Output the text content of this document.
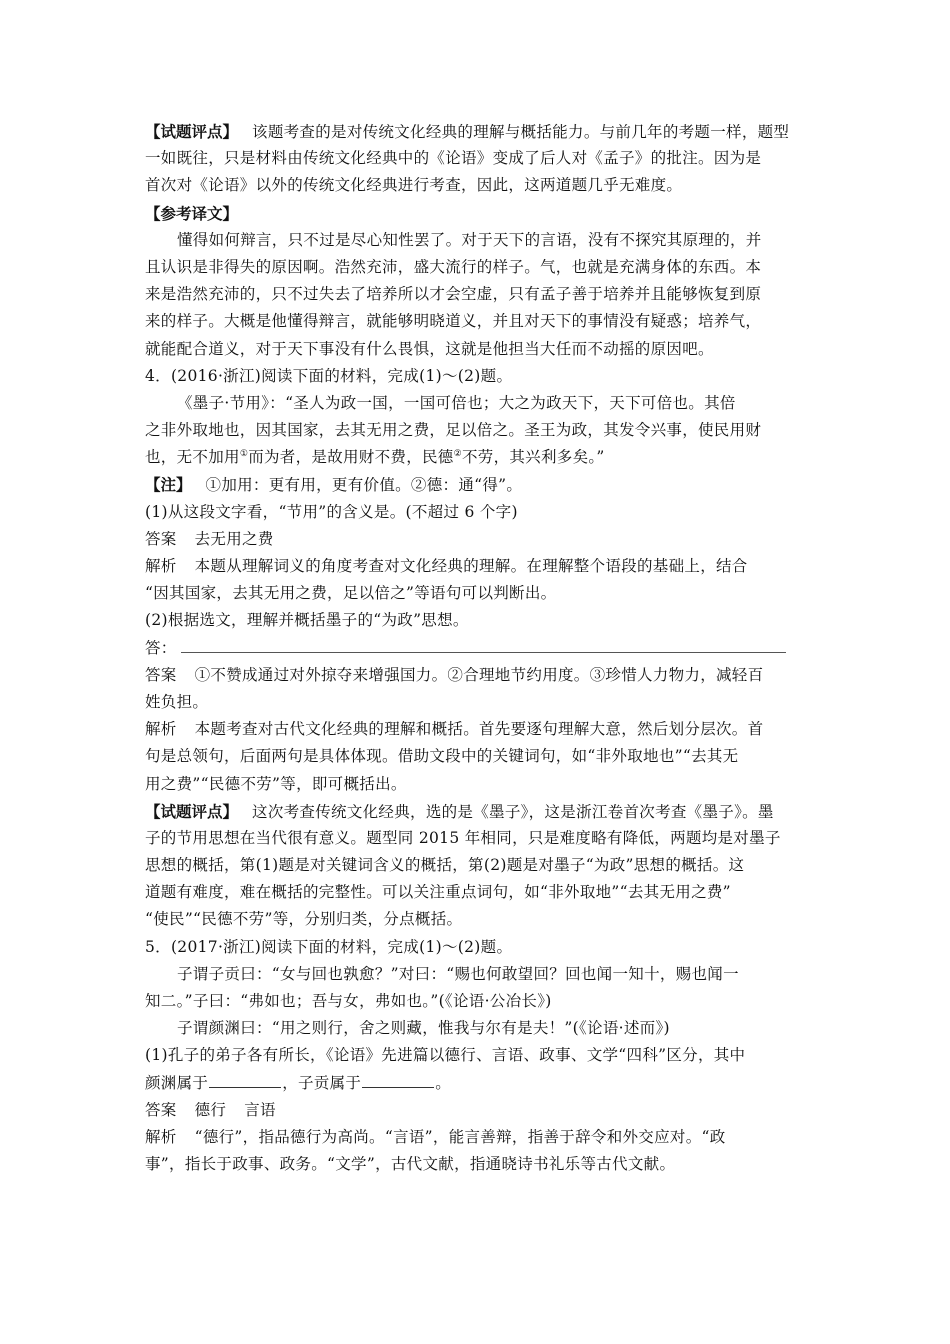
【试题评点】 该题考查的是对传统文化经典的理解与概括能力。与前几年的考题一样，题型
一如既往，只是材料由传统文化经典中的《论语》变成了后人对《孟子》的批注。因为是
首次对《论语》以外的传统文化经典进行考查，因此，这两道题几乎无难度。
【参考译文】
懂得如何辩言，只不过是尽心知性罢了。对于天下的言语，没有不探究其原理的，并
且认识是非得失的原因啊。浩然充沛，盛大流行的样子。气，也就是充满身体的东西。本
来是浩然充沛的，只不过失去了培养所以才会空虚，只有孟子善于培养并且能够恢复到原
来的样子。大概是他懂得辩言，就能够明晓道义，并且对天下的事情没有疑惑；培养气，
就能配合道义，对于天下事没有什么畏惧，这就是他担当大任而不动摇的原因吧。
4．(2016·浙江)阅读下面的材料，完成(1)～(2)题。
《墨子·节用》：“圣人为政一国，一国可倍也；大之为政天下，天下可倍也。其倍
之非外取地也，因其国家，去其无用之费，足以倍之。圣王为政，其发令兴事，使民用财
也，无不加用①而为者，是故用财不费，民德②不劳，其兴利多矣。”
【注】 ①加用：更有用，更有价值。②德：通“得”。
(1)从这段文字看，“节用”的含义是。(不超过 6 个字)
答案 去无用之费
解析 本题从理解词义的角度考查对文化经典的理解。在理解整个语段的基础上，结合
“因其国家，去其无用之费，足以倍之”等语句可以判断出。
(2)根据选文，理解并概括墨子的“为政”思想。
答：
答案 ①不赞成通过对外掠夺来增强国力。②合理地节约用度。③珍惜人力物力，减轻百
姓负担。
解析 本题考查对古代文化经典的理解和概括。首先要逐句理解大意，然后划分层次。首
句是总领句，后面两句是具体体现。借助文段中的关键词句，如“非外取地也”“去其无
用之费”“民德不劳”等，即可概括出。
【试题评点】 这次考查传统文化经典，选的是《墨子》，这是浙江卷首次考查《墨子》。墨
子的节用思想在当代很有意义。题型同 2015 年相同，只是难度略有降低，两题均是对墨子
思想的概括，第(1)题是对关键词含义的概括，第(2)题是对墨子“为政”思想的概括。这
道题有难度，难在概括的完整性。可以关注重点词句，如“非外取地”“去其无用之费”
“使民”“民德不劳”等，分别归类，分点概括。
5．(2017·浙江)阅读下面的材料，完成(1)～(2)题。
子谓子贡曰：“女与回也孰愈？”对曰：“赐也何敢望回？回也闻一知十，赐也闻一
知二。”子曰：“弗如也；吾与女，弗如也。”(《论语·公冶长》)
子谓颜渊曰：“用之则行，舍之则藏，惟我与尔有是夫！”(《论语·述而》)
(1)孔子的弟子各有所长，《论语》先进篇以德行、言语、政事、文学“四科”区分，其中
颜渊属于	，子贡属于	。
答案 德行 言语
解析 “德行”，指品德行为高尚。“言语”，能言善辩，指善于辞令和外交应对。“政
事”，指长于政事、政务。“文学”，古代文献，指通晓诗书礼乐等古代文献。
